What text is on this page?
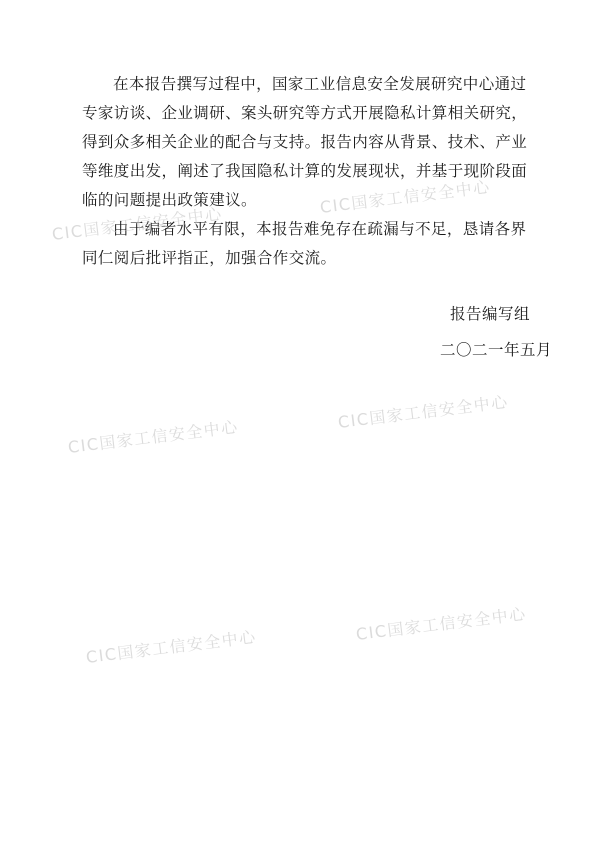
在本报告撰写过程中，国家工业信息安全发展研究中心通过
专家访谈、企业调研、案头研究等方式开展隐私计算相关研究，
得到众多相关企业的配合与支持。报告内容从背景、技术、产业
等维度出发，阐述了我国隐私计算的发展现状，并基于现阶段面
临的问题提出政策建议。

由于编者水平有限，本报告难免存在疏漏与不足，恳请各界
同仁阅后批评指正，加强合作交流。

报告编写组
二〇二一年五月
CIC国家工信安全中心
CIC国家工信安全中心
CIC国家工信安全中心
CIC国家工信安全中心
CIC国家工信安全中心
CIC国家工信安全中心
